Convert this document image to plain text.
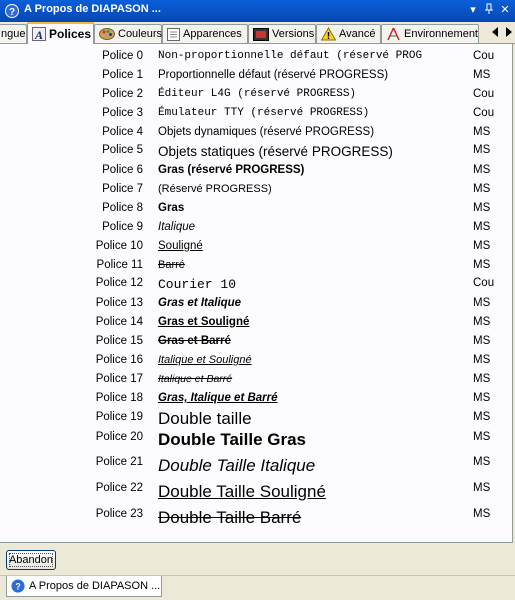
? A Propos de DIAPASON ...	▾	✕
ngue A Polices Couleurs Apparences	Versions Avancé	Environnement
Police 0 Non-proportionnelle défaut (réservé PROG	Cou
Police 1 Proportionnelle défaut (réservé PROGRESS)	MS
Police 2 Éditeur L4G (réservé PROGRESS)	Cou
Police 3 Émulateur TTY (réservé PROGRESS)	Cou
Police 4 Objets dynamiques (réservé PROGRESS)	MS
Police 5 Objets statiques (réservé PROGRESS)	MS
Police 6 Gras (réservé PROGRESS)	MS
Police 7 (Réservé PROGRESS)	MS
Police 8 Gras	MS
Police 9 Italique	MS
Police 10 Souligné	MS
Police 11 Barré	MS
Police 12 Courier 10	Cou
Police 13 Gras et Italique	MS
Police 14 Gras et Souligné	MS
Police 15 Gras et Barré	MS
Police 16 Italique et Souligné	MS
Police 17 Italique et Barré	MS
Police 18 Gras, Italique et Barré	MS
Police 19 Double taille	MS
Police 20 Double Taille Gras	MS
Police 21 Double Taille Italique	MS
Police 22 Double Taille Souligné	MS
Police 23 Double Taille Barré	MS
Abandon
? A Propos de DIAPASON ...
